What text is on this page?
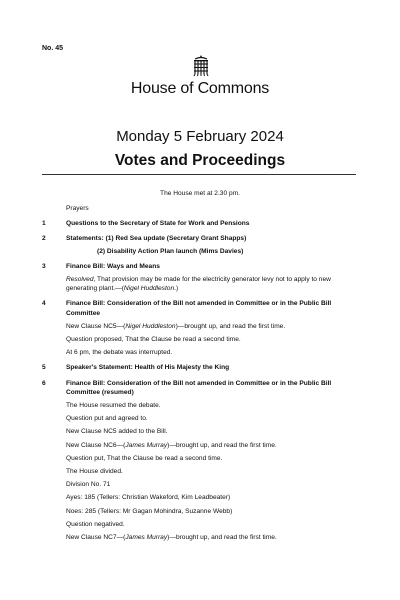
No. 45
House of Commons
Monday 5 February 2024
Votes and Proceedings
The House met at 2.30 pm.
Prayers
1	Questions to the Secretary of State for Work and Pensions
2	Statements: (1) Red Sea update (Secretary Grant Shapps)
(2) Disability Action Plan launch (Mims Davies)
3	Finance Bill: Ways and Means
Resolved, That provision may be made for the electricity generator levy not to apply to new generating plant.—(Nigel Huddleston.)
4	Finance Bill: Consideration of the Bill not amended in Committee or in the Public Bill Committee
New Clause NC5—(Nigel Huddleston)—brought up, and read the first time.
Question proposed, That the Clause be read a second time.
At 6 pm, the debate was interrupted.
5	Speaker's Statement: Health of His Majesty the King
6	Finance Bill: Consideration of the Bill not amended in Committee or in the Public Bill Committee (resumed)
The House resumed the debate.
Question put and agreed to.
New Clause NC5 added to the Bill.
New Clause NC6—(James Murray)—brought up, and read the first time.
Question put, That the Clause be read a second time.
The House divided.
Division No. 71
Ayes: 185 (Tellers: Christian Wakeford, Kim Leadbeater)
Noes: 285 (Tellers: Mr Gagan Mohindra, Suzanne Webb)
Question negatived.
New Clause NC7—(James Murray)—brought up, and read the first time.
